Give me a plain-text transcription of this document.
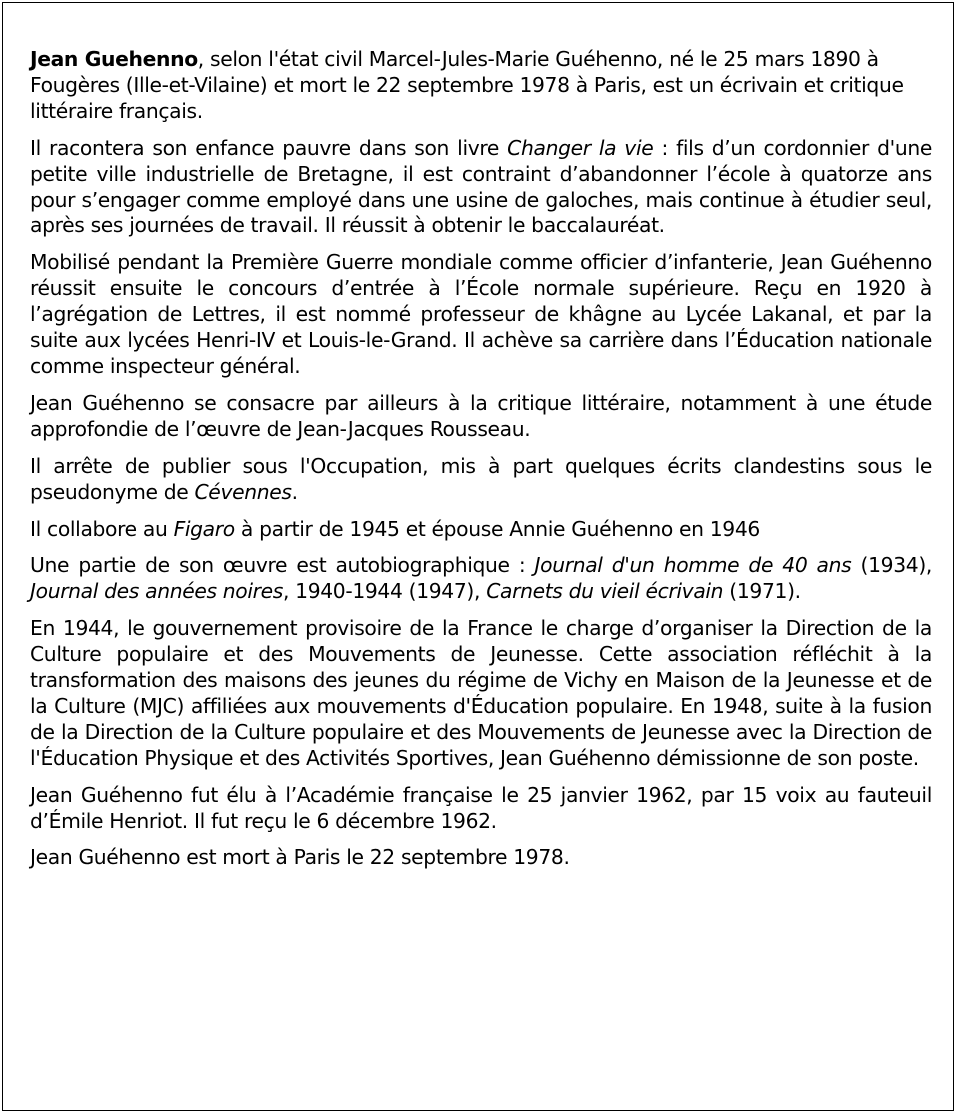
Jean Guehenno, selon l'état civil Marcel-Jules-Marie Guéhenno, né le 25 mars 1890 à Fougères (Ille-et-Vilaine) et mort le 22 septembre 1978 à Paris, est un écrivain et critique littéraire français.

Il racontera son enfance pauvre dans son livre Changer la vie : fils d’un cordonnier d'une petite ville industrielle de Bretagne, il est contraint d’abandonner l’école à quatorze ans pour s’engager comme employé dans une usine de galoches, mais continue à étudier seul, après ses journées de travail. Il réussit à obtenir le baccalauréat.

Mobilisé pendant la Première Guerre mondiale comme officier d’infanterie, Jean Guéhenno réussit ensuite le concours d’entrée à l’École normale supérieure. Reçu en 1920 à l’agrégation de Lettres, il est nommé professeur de khâgne au Lycée Lakanal, et par la suite aux lycées Henri-IV et Louis-le-Grand. Il achève sa carrière dans l’Éducation nationale comme inspecteur général.

Jean Guéhenno se consacre par ailleurs à la critique littéraire, notamment à une étude approfondie de l’œuvre de Jean-Jacques Rousseau.

Il arrête de publier sous l'Occupation, mis à part quelques écrits clandestins sous le pseudonyme de Cévennes.

Il collabore au Figaro à partir de 1945 et épouse Annie Guéhenno en 1946

Une partie de son œuvre est autobiographique : Journal d'un homme de 40 ans (1934), Journal des années noires, 1940-1944 (1947), Carnets du vieil écrivain (1971).

En 1944, le gouvernement provisoire de la France le charge d’organiser la Direction de la Culture populaire et des Mouvements de Jeunesse. Cette association réfléchit à la transformation des maisons des jeunes du régime de Vichy en Maison de la Jeunesse et de la Culture (MJC) affiliées aux mouvements d'Éducation populaire. En 1948, suite à la fusion de la Direction de la Culture populaire et des Mouvements de Jeunesse avec la Direction de l'Éducation Physique et des Activités Sportives, Jean Guéhenno démissionne de son poste.

Jean Guéhenno fut élu à l’Académie française le 25 janvier 1962, par 15 voix au fauteuil d’Émile Henriot. Il fut reçu le 6 décembre 1962.

Jean Guéhenno est mort à Paris le 22 septembre 1978.
